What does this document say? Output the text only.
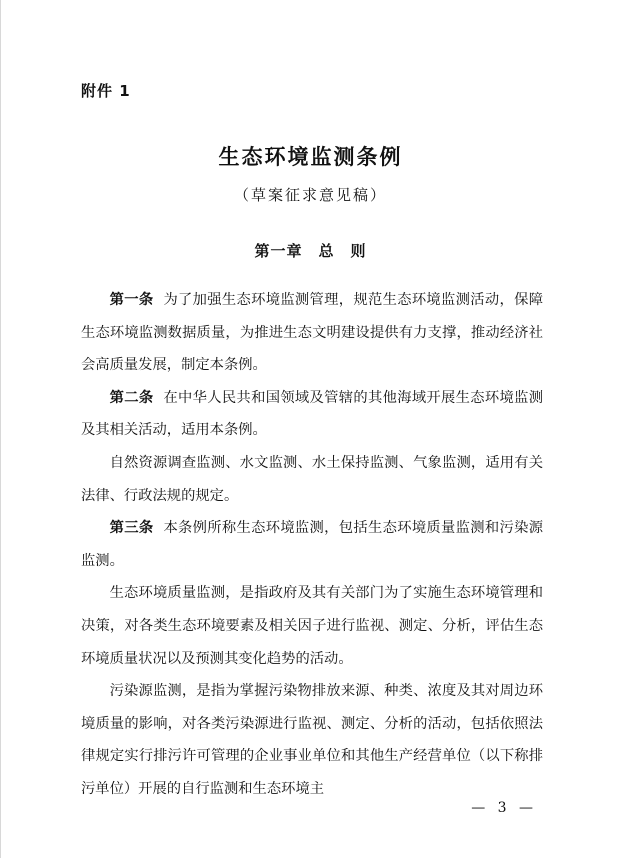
附件 1
生态环境监测条例
（草案征求意见稿）
第一章 总　则

第一条 为了加强生态环境监测管理，规范生态环境监测活动，保障生态环境监测数据质量，为推进生态文明建设提供有力支撑，推动经济社会高质量发展，制定本条例。

第二条 在中华人民共和国领域及管辖的其他海域开展生态环境监测及其相关活动，适用本条例。

自然资源调查监测、水文监测、水土保持监测、气象监测，适用有关法律、行政法规的规定。

第三条 本条例所称生态环境监测，包括生态环境质量监测和污染源监测。

生态环境质量监测，是指政府及其有关部门为了实施生态环境管理和决策，对各类生态环境要素及相关因子进行监视、测定、分析，评估生态环境质量状况以及预测其变化趋势的活动。

污染源监测，是指为掌握污染物排放来源、种类、浓度及其对周边环境质量的影响，对各类污染源进行监视、测定、分析的活动，包括依照法律规定实行排污许可管理的企业事业单位和其他生产经营单位（以下称排污单位）开展的自行监测和生态环境主

— 3 —
